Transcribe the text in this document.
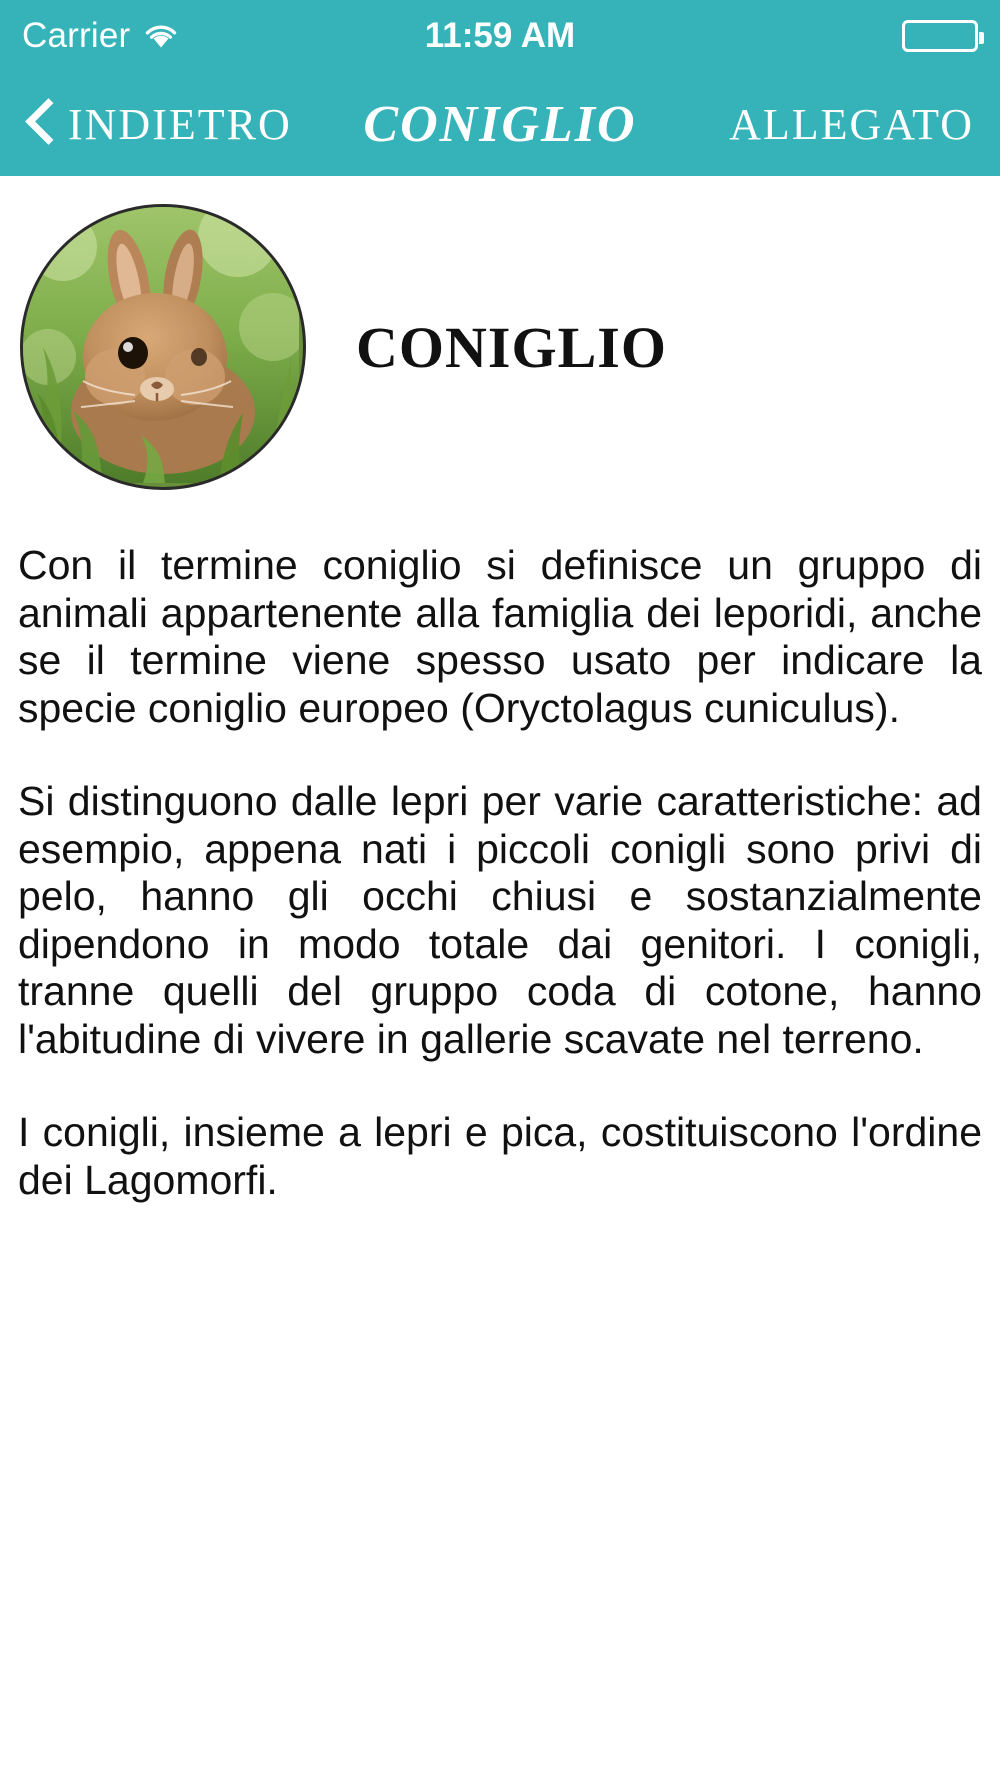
Carrier	11:59 AM
INDIETRO	CONIGLIO	ALLEGATO
CONIGLIO

Con il termine coniglio si definisce un gruppo di animali appartenente alla famiglia dei leporidi, anche se il termine viene spesso usato per indicare la specie coniglio europeo (Oryctolagus cuniculus).

Si distinguono dalle lepri per varie caratteristiche: ad esempio, appena nati i piccoli conigli sono privi di pelo, hanno gli occhi chiusi e sostanzialmente dipendono in modo totale dai genitori. I conigli, tranne quelli del gruppo coda di cotone, hanno l'abitudine di vivere in gallerie scavate nel terreno.

I conigli, insieme a lepri e pica, costituiscono l'ordine dei Lagomorfi.
